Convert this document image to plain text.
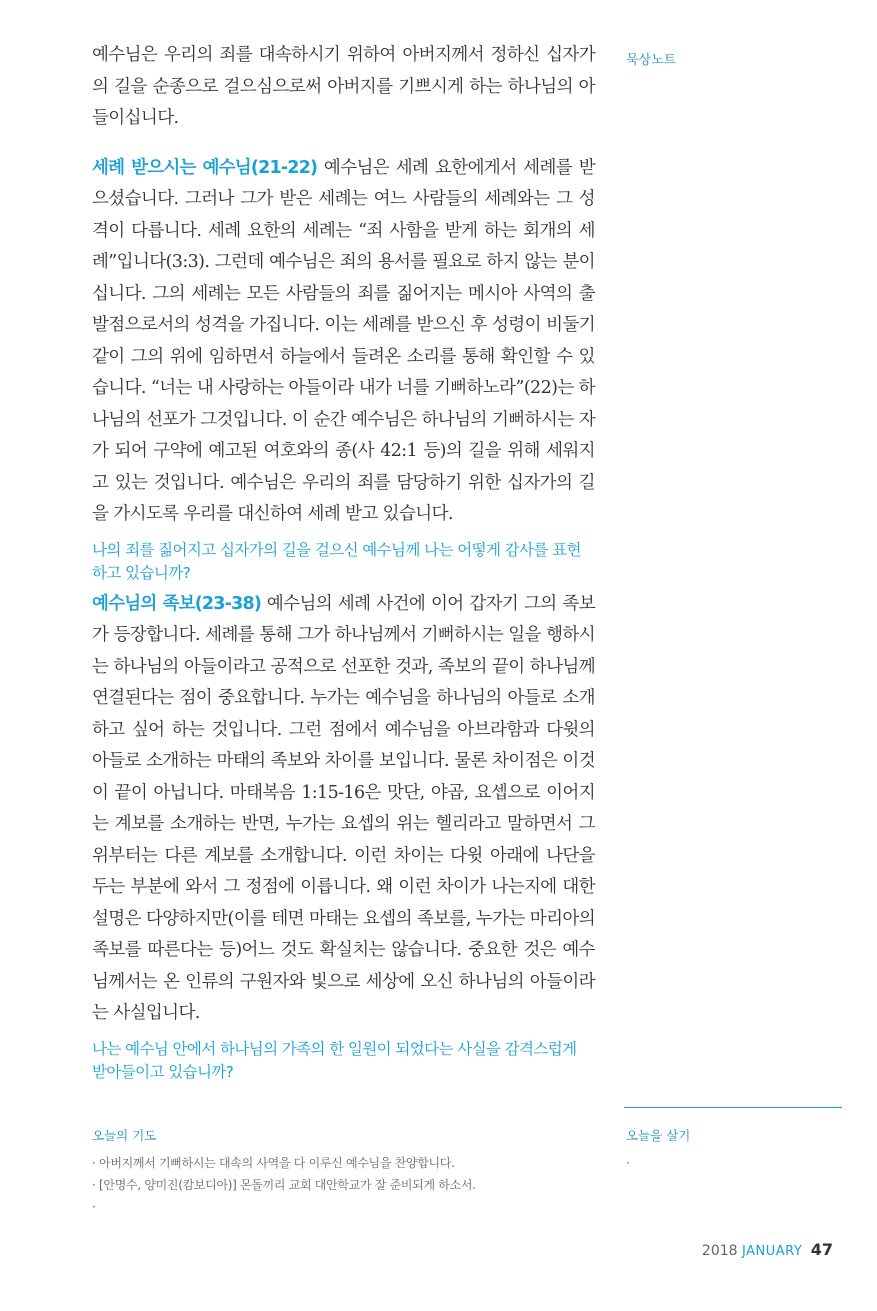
묵상노트

예수님은 우리의 죄를 대속하시기 위하여 아버지께서 정하신 십자가의 길을 순종으로 걸으심으로써 아버지를 기쁘시게 하는 하나님의 아들이십니다.

세례 받으시는 예수님(21-22) 예수님은 세례 요한에게서 세례를 받으셨습니다. 그러나 그가 받은 세례는 여느 사람들의 세례와는 그 성격이 다릅니다. 세례 요한의 세례는 “죄 사함을 받게 하는 회개의 세례”입니다(3:3). 그런데 예수님은 죄의 용서를 필요로 하지 않는 분이십니다. 그의 세례는 모든 사람들의 죄를 짊어지는 메시아 사역의 출발점으로서의 성격을 가집니다. 이는 세례를 받으신 후 성령이 비둘기 같이 그의 위에 임하면서 하늘에서 들려온 소리를 통해 확인할 수 있습니다. “너는 내 사랑하는 아들이라 내가 너를 기뻐하노라”(22)는 하나님의 선포가 그것입니다. 이 순간 예수님은 하나님의 기뻐하시는 자가 되어 구약에 예고된 여호와의 종(사 42:1 등)의 길을 위해 세워지고 있는 것입니다. 예수님은 우리의 죄를 담당하기 위한 십자가의 길을 가시도록 우리를 대신하여 세례 받고 있습니다.

나의 죄를 짊어지고 십자가의 길을 걸으신 예수님께 나는 어떻게 감사를 표현하고 있습니까?

예수님의 족보(23-38) 예수님의 세례 사건에 이어 갑자기 그의 족보가 등장합니다. 세례를 통해 그가 하나님께서 기뻐하시는 일을 행하시는 하나님의 아들이라고 공적으로 선포한 것과, 족보의 끝이 하나님께 연결된다는 점이 중요합니다. 누가는 예수님을 하나님의 아들로 소개하고 싶어 하는 것입니다. 그런 점에서 예수님을 아브라함과 다윗의 아들로 소개하는 마태의 족보와 차이를 보입니다. 물론 차이점은 이것이 끝이 아닙니다. 마태복음 1:15-16은 맛단, 야곱, 요셉으로 이어지는 계보를 소개하는 반면, 누가는 요셉의 위는 헬리라고 말하면서 그 위부터는 다른 계보를 소개합니다. 이런 차이는 다윗 아래에 나단을 두는 부분에 와서 그 정점에 이릅니다. 왜 이런 차이가 나는지에 대한 설명은 다양하지만(이를 테면 마태는 요셉의 족보를, 누가는 마리아의 족보를 따른다는 등)어느 것도 확실치는 않습니다. 중요한 것은 예수님께서는 온 인류의 구원자와 빛으로 세상에 오신 하나님의 아들이라는 사실입니다.

나는 예수님 안에서 하나님의 가족의 한 일원이 되었다는 사실을 감격스럽게 받아들이고 있습니까?

오늘의 기도
· 아버지께서 기뻐하시는 대속의 사역을 다 이루신 예수님을 찬양합니다.
· [안명수, 양미진(캄보디아)] 몬돌끼리 교회 대안학교가 잘 준비되게 하소서.
·
오늘을 살기
·
2018 JANUARY 47
